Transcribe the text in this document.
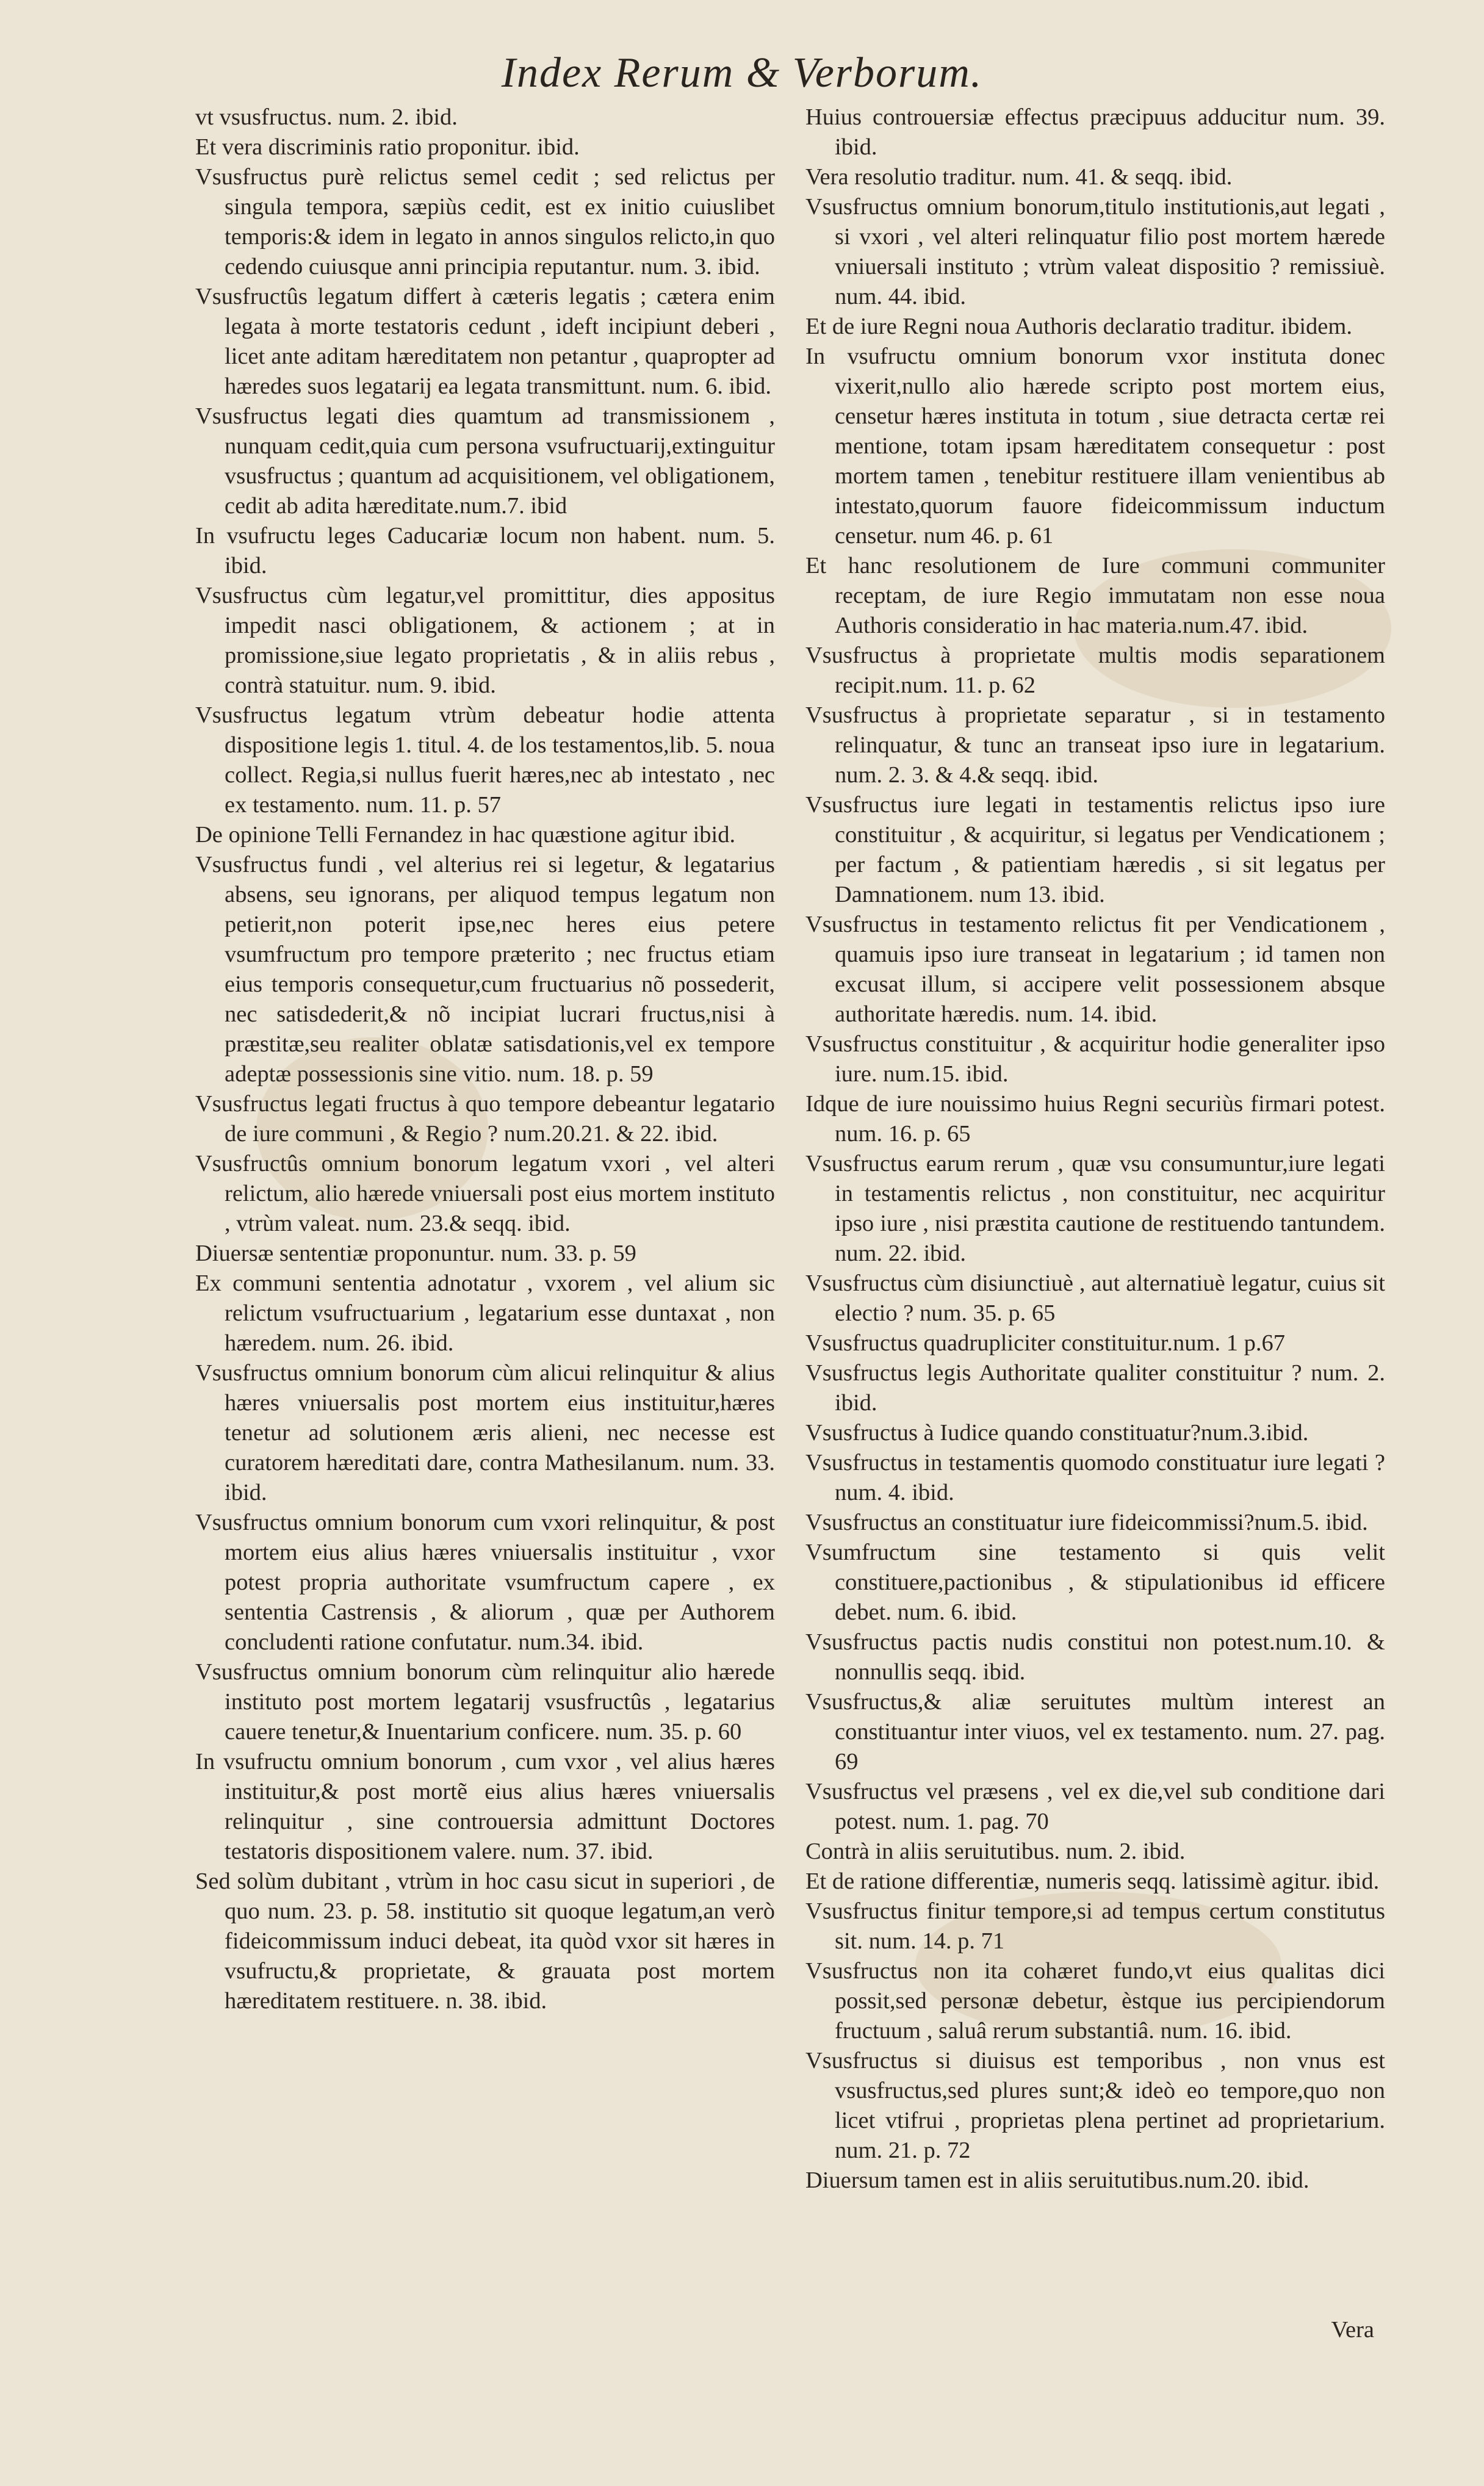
Index Rerum & Verborum.

vt vsusfructus. num. 2. ibid.

Et vera discriminis ratio proponitur. ibid.

Vsusfructus purè relictus semel cedit ; sed relictus per singula tempora, sæpiùs cedit, est ex initio cuiuslibet temporis:& idem in legato in annos singulos relicto,in quo cedendo cuiusque anni principia reputantur. num. 3. ibid.

Vsusfructûs legatum differt à cæteris legatis ; cætera enim legata à morte testatoris cedunt , ideft incipiunt deberi , licet ante aditam hæreditatem non petantur , quapropter ad hæredes suos legatarij ea legata transmittunt. num. 6. ibid.

Vsusfructus legati dies quamtum ad transmissionem , nunquam cedit,quia cum persona vsufructuarij,extinguitur vsusfructus ; quantum ad acquisitionem, vel obligationem, cedit ab adita hæreditate.num.7. ibid

In vsufructu leges Caducariæ locum non habent. num. 5. ibid.

Vsusfructus cùm legatur,vel promittitur, dies appositus impedit nasci obligationem, & actionem ; at in promissione,siue legato proprietatis , & in aliis rebus , contrà statuitur. num. 9. ibid.

Vsusfructus legatum vtrùm debeatur hodie attenta dispositione legis 1. titul. 4. de los testamentos,lib. 5. noua collect. Regia,si nullus fuerit hæres,nec ab intestato , nec ex testamento. num. 11. p. 57

De opinione Telli Fernandez in hac quæstione agitur ibid.

Vsusfructus fundi , vel alterius rei si legetur, & legatarius absens, seu ignorans, per aliquod tempus legatum non petierit,non poterit ipse,nec heres eius petere vsumfructum pro tempore præterito ; nec fructus etiam eius temporis consequetur,cum fructuarius nõ possederit, nec satisdederit,& nõ incipiat lucrari fructus,nisi à præstitæ,seu realiter oblatæ satisdationis,vel ex tempore adeptæ possessionis sine vitio. num. 18. p. 59

Vsusfructus legati fructus à quo tempore debeantur legatario de iure communi , & Regio ? num.20.21. & 22. ibid.

Vsusfructûs omnium bonorum legatum vxori , vel alteri relictum, alio hærede vniuersali post eius mortem instituto , vtrùm valeat. num. 23.& seqq. ibid.

Diuersæ sententiæ proponuntur. num. 33. p. 59

Ex communi sententia adnotatur , vxorem , vel alium sic relictum vsufructuarium , legatarium esse duntaxat , non hæredem. num. 26. ibid.

Vsusfructus omnium bonorum cùm alicui relinquitur & alius hæres vniuersalis post mortem eius instituitur,hæres tenetur ad solutionem æris alieni, nec necesse est curatorem hæreditati dare, contra Mathesilanum. num. 33. ibid.

Vsusfructus omnium bonorum cum vxori relinquitur, & post mortem eius alius hæres vniuersalis instituitur , vxor potest propria authoritate vsumfructum capere , ex sententia Castrensis , & aliorum , quæ per Authorem concludenti ratione confutatur. num.34. ibid.

Vsusfructus omnium bonorum cùm relinquitur alio hærede instituto post mortem legatarij vsusfructûs , legatarius cauere tenetur,& Inuentarium conficere. num. 35. p. 60

In vsufructu omnium bonorum , cum vxor , vel alius hæres instituitur,& post mortẽ eius alius hæres vniuersalis relinquitur , sine controuersia admittunt Doctores testatoris dispositionem valere. num. 37. ibid.

Sed solùm dubitant , vtrùm in hoc casu sicut in superiori , de quo num. 23. p. 58. institutio sit quoque legatum,an verò fideicommissum induci debeat, ita quòd vxor sit hæres in vsufructu,& proprietate, & grauata post mortem hæreditatem restituere. n. 38. ibid.

Huius controuersiæ effectus præcipuus adducitur num. 39. ibid.

Vera resolutio traditur. num. 41. & seqq. ibid.

Vsusfructus omnium bonorum,titulo institutionis,aut legati , si vxori , vel alteri relinquatur filio post mortem hærede vniuersali instituto ; vtrùm valeat dispositio ? remissiuè. num. 44. ibid.

Et de iure Regni noua Authoris declaratio traditur. ibidem.

In vsufructu omnium bonorum vxor instituta donec vixerit,nullo alio hærede scripto post mortem eius, censetur hæres instituta in totum , siue detracta certæ rei mentione, totam ipsam hæreditatem consequetur : post mortem tamen , tenebitur restituere illam venientibus ab intestato,quorum fauore fideicommissum inductum censetur. num 46. p. 61

Et hanc resolutionem de Iure communi communiter receptam, de iure Regio immutatam non esse noua Authoris consideratio in hac materia.num.47. ibid.

Vsusfructus à proprietate multis modis separationem recipit.num. 11. p. 62

Vsusfructus à proprietate separatur , si in testamento relinquatur, & tunc an transeat ipso iure in legatarium. num. 2. 3. & 4.& seqq. ibid.

Vsusfructus iure legati in testamentis relictus ipso iure constituitur , & acquiritur, si legatus per Vendicationem ; per factum , & patientiam hæredis , si sit legatus per Damnationem. num 13. ibid.

Vsusfructus in testamento relictus fit per Vendicationem , quamuis ipso iure transeat in legatarium ; id tamen non excusat illum, si accipere velit possessionem absque authoritate hæredis. num. 14. ibid.

Vsusfructus constituitur , & acquiritur hodie generaliter ipso iure. num.15. ibid.

Idque de iure nouissimo huius Regni securiùs firmari potest. num. 16. p. 65

Vsusfructus earum rerum , quæ vsu consumuntur,iure legati in testamentis relictus , non constituitur, nec acquiritur ipso iure , nisi præstita cautione de restituendo tantundem. num. 22. ibid.

Vsusfructus cùm disiunctiuè , aut alternatiuè legatur, cuius sit electio ? num. 35. p. 65

Vsusfructus quadrupliciter constituitur.num. 1 p.67

Vsusfructus legis Authoritate qualiter constituitur ? num. 2. ibid.

Vsusfructus à Iudice quando constituatur?num.3.ibid.

Vsusfructus in testamentis quomodo constituatur iure legati ? num. 4. ibid.

Vsusfructus an constituatur iure fideicommissi?num.5. ibid.

Vsumfructum sine testamento si quis velit constituere,pactionibus , & stipulationibus id efficere debet. num. 6. ibid.

Vsusfructus pactis nudis constitui non potest.num.10. & nonnullis seqq. ibid.

Vsusfructus,& aliæ seruitutes multùm interest an constituantur inter viuos, vel ex testamento. num. 27. pag. 69

Vsusfructus vel præsens , vel ex die,vel sub conditione dari potest. num. 1. pag. 70

Contrà in aliis seruitutibus. num. 2. ibid.

Et de ratione differentiæ, numeris seqq. latissimè agitur. ibid.

Vsusfructus finitur tempore,si ad tempus certum constitutus sit. num. 14. p. 71

Vsusfructus non ita cohæret fundo,vt eius qualitas dici possit,sed personæ debetur, èstque ius percipiendorum fructuum , saluâ rerum substantiâ. num. 16. ibid.

Vsusfructus si diuisus est temporibus , non vnus est vsusfructus,sed plures sunt;& ideò eo tempore,quo non licet vtifrui , proprietas plena pertinet ad proprietarium. num. 21. p. 72

Diuersum tamen est in aliis seruitutibus.num.20. ibid.

Vera
